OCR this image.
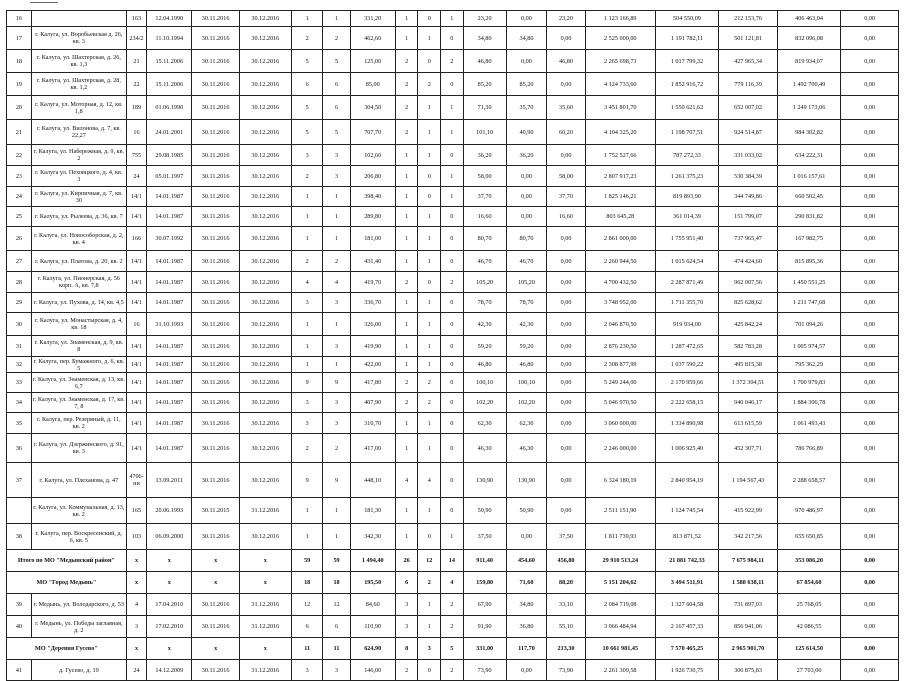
16		163	12.04.1990	30.11.2016	30.12.2016	1	1	331,20	1	0	1	23,20	0,00	23,20	1 123 166,89	504 550,09	212 153,76	406 463,04	0,00
17	г. Калуга, ул. Воробьевская д. 26, кв. 3	234/2	11.10.1994	30.11.2016	30.12.2016	2	2	462,60	1	1	0	34,80	34,80	0,00	2 525 000,00	1 191 782,11	501 121,81	832 096,08	0,00
18	г. Калуга, ул. Шахтерская, д. 26, кв. 1,3	21	15.11.2006	30.11.2016	30.12.2016	5	5	125,00	2	0	2	46,80	0,00	46,80	2 265 698,73	1 017 799,32	427 965,34	819 934,07	0,00
19	г. Калуга, ул. Шахтерская, д. 28, кв. 1,2	22	15.11.2006	30.11.2016	30.12.2016	6	6	85,00	2	2	0	85,20	85,20	0,00	4 124 733,60	1 852 916,72	779 116,39	1 492 700,49	0,00
20	г. Калуга, ул. Моторная, д. 12, кв. 1,8	189	01.06.1990	30.11.2016	30.12.2016	5	6	304,50	2	1	1	71,30	35,70	35,60	3 451 801,70	1 550 621,62	652 007,02	1 249 173,06	0,00
21	г. Калуга, ул. Вилонова, д. 7, кв. 22,27	16	24.01.2001	30.11.2016	30.12.2016	5	5	707,70	2	1	1	101,10	40,90	60,20	4 104 325,20	1 198 707,51	924 514,87	984 302,82	0,00
22	г. Калуга, ул. Набережная, д. 9, кв. 2	755	29.08.1985	30.11.2016	30.12.2016	3	3	102,60	1	1	0	36,20	36,20	0,00	1 752 527,66	787 272,33	331 033,02	634 222,31	0,00
23	г. Калуга ул. Пеховцкого, д. 4, кв. 3	24	05.01.1997	30.11.2016	30.12.2016	2	3	206,80	1	0	1	58,00	0,00	58,00	2 807 917,23	1 261 375,23	530 384,39	1 016 157,61	0,00
24	г. Калуга, ул. Кирпичная, д. 7, кв. 30	14/1	14.01.1987	30.11.2016	30.12.2016	1	1	398,40	1	0	1	37,70	0,00	37,70	1 825 146,21	819 893,90	344 749,86	660 502,45	0,00
25	г. Калуга, ул. Рылеева, д. 36, кв. 7	14/1	14.01.1987	30.11.2016	30.12.2016	1	1	289,80	1	1	0	16,60	0,00	16,60	803 645,28	361 014,39	151 799,07	290 831,82	0,00
26	г. Калуга, ул. Новособорская, д. 2, кв. 4	166	30.07.1992	30.11.2016	30.12.2016	1	1	181,00	1	1	0	80,70	80,70	0,00	2 861 000,00	1 755 951,40	737 965,47	167 982,75	0,00
27	г. Калуга, ул. Платова, д. 20, кв. 2	14/1	14.01.1987	30.11.2016	30.12.2016	2	2	431,40	1	1	0	46,70	46,70	0,00	2 260 944,50	1 015 624,54	474 424,60	815 895,36	0,00
28	г. Калуга, ул. Пионерская, д. 56 корп. А, кв. 7,8	14/1	14.01.1987	30.11.2016	30.12.2016	4	4	419,70	2	0	2	105,20	105,20	0,00	4 700 432,50	2 287 871,49	962 007,56	1 450 551,25	0,00
29	г. Калуга, ул. Пухова, д. 14, кв. 4,5	14/1	14.01.1987	30.11.2016	30.12.2016	3	3	336,70	1	1	0	78,70	78,70	0,00	3 748 952,00	1 711 355,70	825 628,62	1 211 747,68	0,00
30	г. Калуга, ул. Монастырская, д. 4, кв. 18	16	31.10.1993	30.11.2016	30.12.2016	1	1	326,00	1	1	0	42,30	42,30	0,00	2 046 870,50	919 934,00	425 842,24	701 094,26	0,00
31	г. Калуга, ул. Знаменская, д. 9, кв. 8	14/1	14.01.1987	30.11.2016	30.12.2016	1	3	419,90	1	1	0	59,20	59,20	0,00	2 876 230,50	1 287 472,65	582 783,28	1 005 974,57	0,00
32	г. Калуга, пер. Бумажного, д. 6, кв. 5	14/1	14.01.1987	30.11.2016	30.12.2016	1	1	422,00	1	1	0	46,80	46,80	0,00	2 308 877,99	1 037 590,22	495 815,38	795 362,29	0,00
33	г. Калуга, ул. Знаменская, д. 13, кв. 6,7	14/1	14.01.1987	30.11.2016	30.12.2016	9	9	417,80	2	2	0	100,10	100,10	0,00	5 249 244,00	2 170 959,66	1 372 304,51	1 700 979,83	0,00
34	г. Калуга, ул. Знаменская, д. 17, кв. 7, 8	14/1	14.01.1987	30.11.2016	30.12.2016	3	3	407,90	2	2	0	102,20	102,20	0,00	5 046 970,50	2 222 658,15	940 046,17	1 884 306,78	0,00
35	г. Калуга, пер. Резервный, д. 11, кв. 2	14/1	14.01.1987	30.11.2016	30.12.2016	3	3	310,70	1	1	0	62,30	62,30	0,00	3 060 000,00	1 334 890,98	613 615,59	1 061 493,43	0,00
36	г. Калуга, ул. Дзержинского, д. 91, кв. 3	14/1	14.01.1987	30.11.2016	30.12.2016	2	2	417,00	1	1	0	46,30	46,30	0,00	2 246 000,00	1 006 925,40	452 307,71	786 766,89	0,00
37	г. Калуга, ул. Плеханова, д. 47	4706-ни	13.09.2011	30.11.2016	30.12.2016	9	9	448,10	4	4	0	130,90	130,90	0,00	6 324 180,19	2 840 954,19	1 194 567,43	2 288 658,57	0,00
	г. Калуга, ул. Коммунальная, д. 13, кв. 2	165	20.06.1993	30.11.2015	31.12.2016	1	1	181,30	1	1	0	50,90	50,90	0,00	2 511 151,90	1 124 745,54	415 922,99	970 486,97	0,00
38	г. Калуга, пер. Воскресенский, д. 6, кв. 5	103	06.09.2000	30.11.2016	30.12.2016	1	1	342,30	1	0	1	37,50	0,00	37,50	1 811 739,93	813 871,52	342 217,56	655 650,85	0,00
Итого по МО "Медынский район"		x	x	x	x	59	59	1 494,40	26	12	14	911,40	454,60	456,80	29 910 513,24	21 881 742,33	7 675 984,11	353 086,20	0,00
МО "Город Медынь"		x	x	x	x	18	18	195,50	6	2	4	159,80	71,60	88,20	5 151 204,62	3 494 511,91	1 588 638,11	67 854,60	0,00
39	г. Медынь, ул. Володарского, д. 53	4	17.04.2010	30.11.2016	31.12.2016	12	12	84,60	3	1	2	67,90	34,80	33,10	2 084 719,08	1 327 604,58	731 897,03	25 768,05	0,00
40	г. Медынь, ул. Победы заглавная, д. 2	3	17.02.2010	30.11.2016	31.12.2016	6	6	110,90	3	1	2	91,90	36,80	55,10	3 066 484,94	2 167 457,33	856 941,06	42 086,55	0,00
МО "Деревня Гусево"		x	x	x	x	11	11	624,90	8	3	5	331,00	117,70	213,30	10 661 981,45	7 570 465,25	2 965 901,70	125 614,50	0,00
41	д. Гусево, д. 19	24	14.12.2009	30.11.2016	31.12.2016	3	3	146,00	2	0	2	73,90	0,00	73,90	2 261 309,58	1 926 730,75	306 875,83	27 703,00	0,00
